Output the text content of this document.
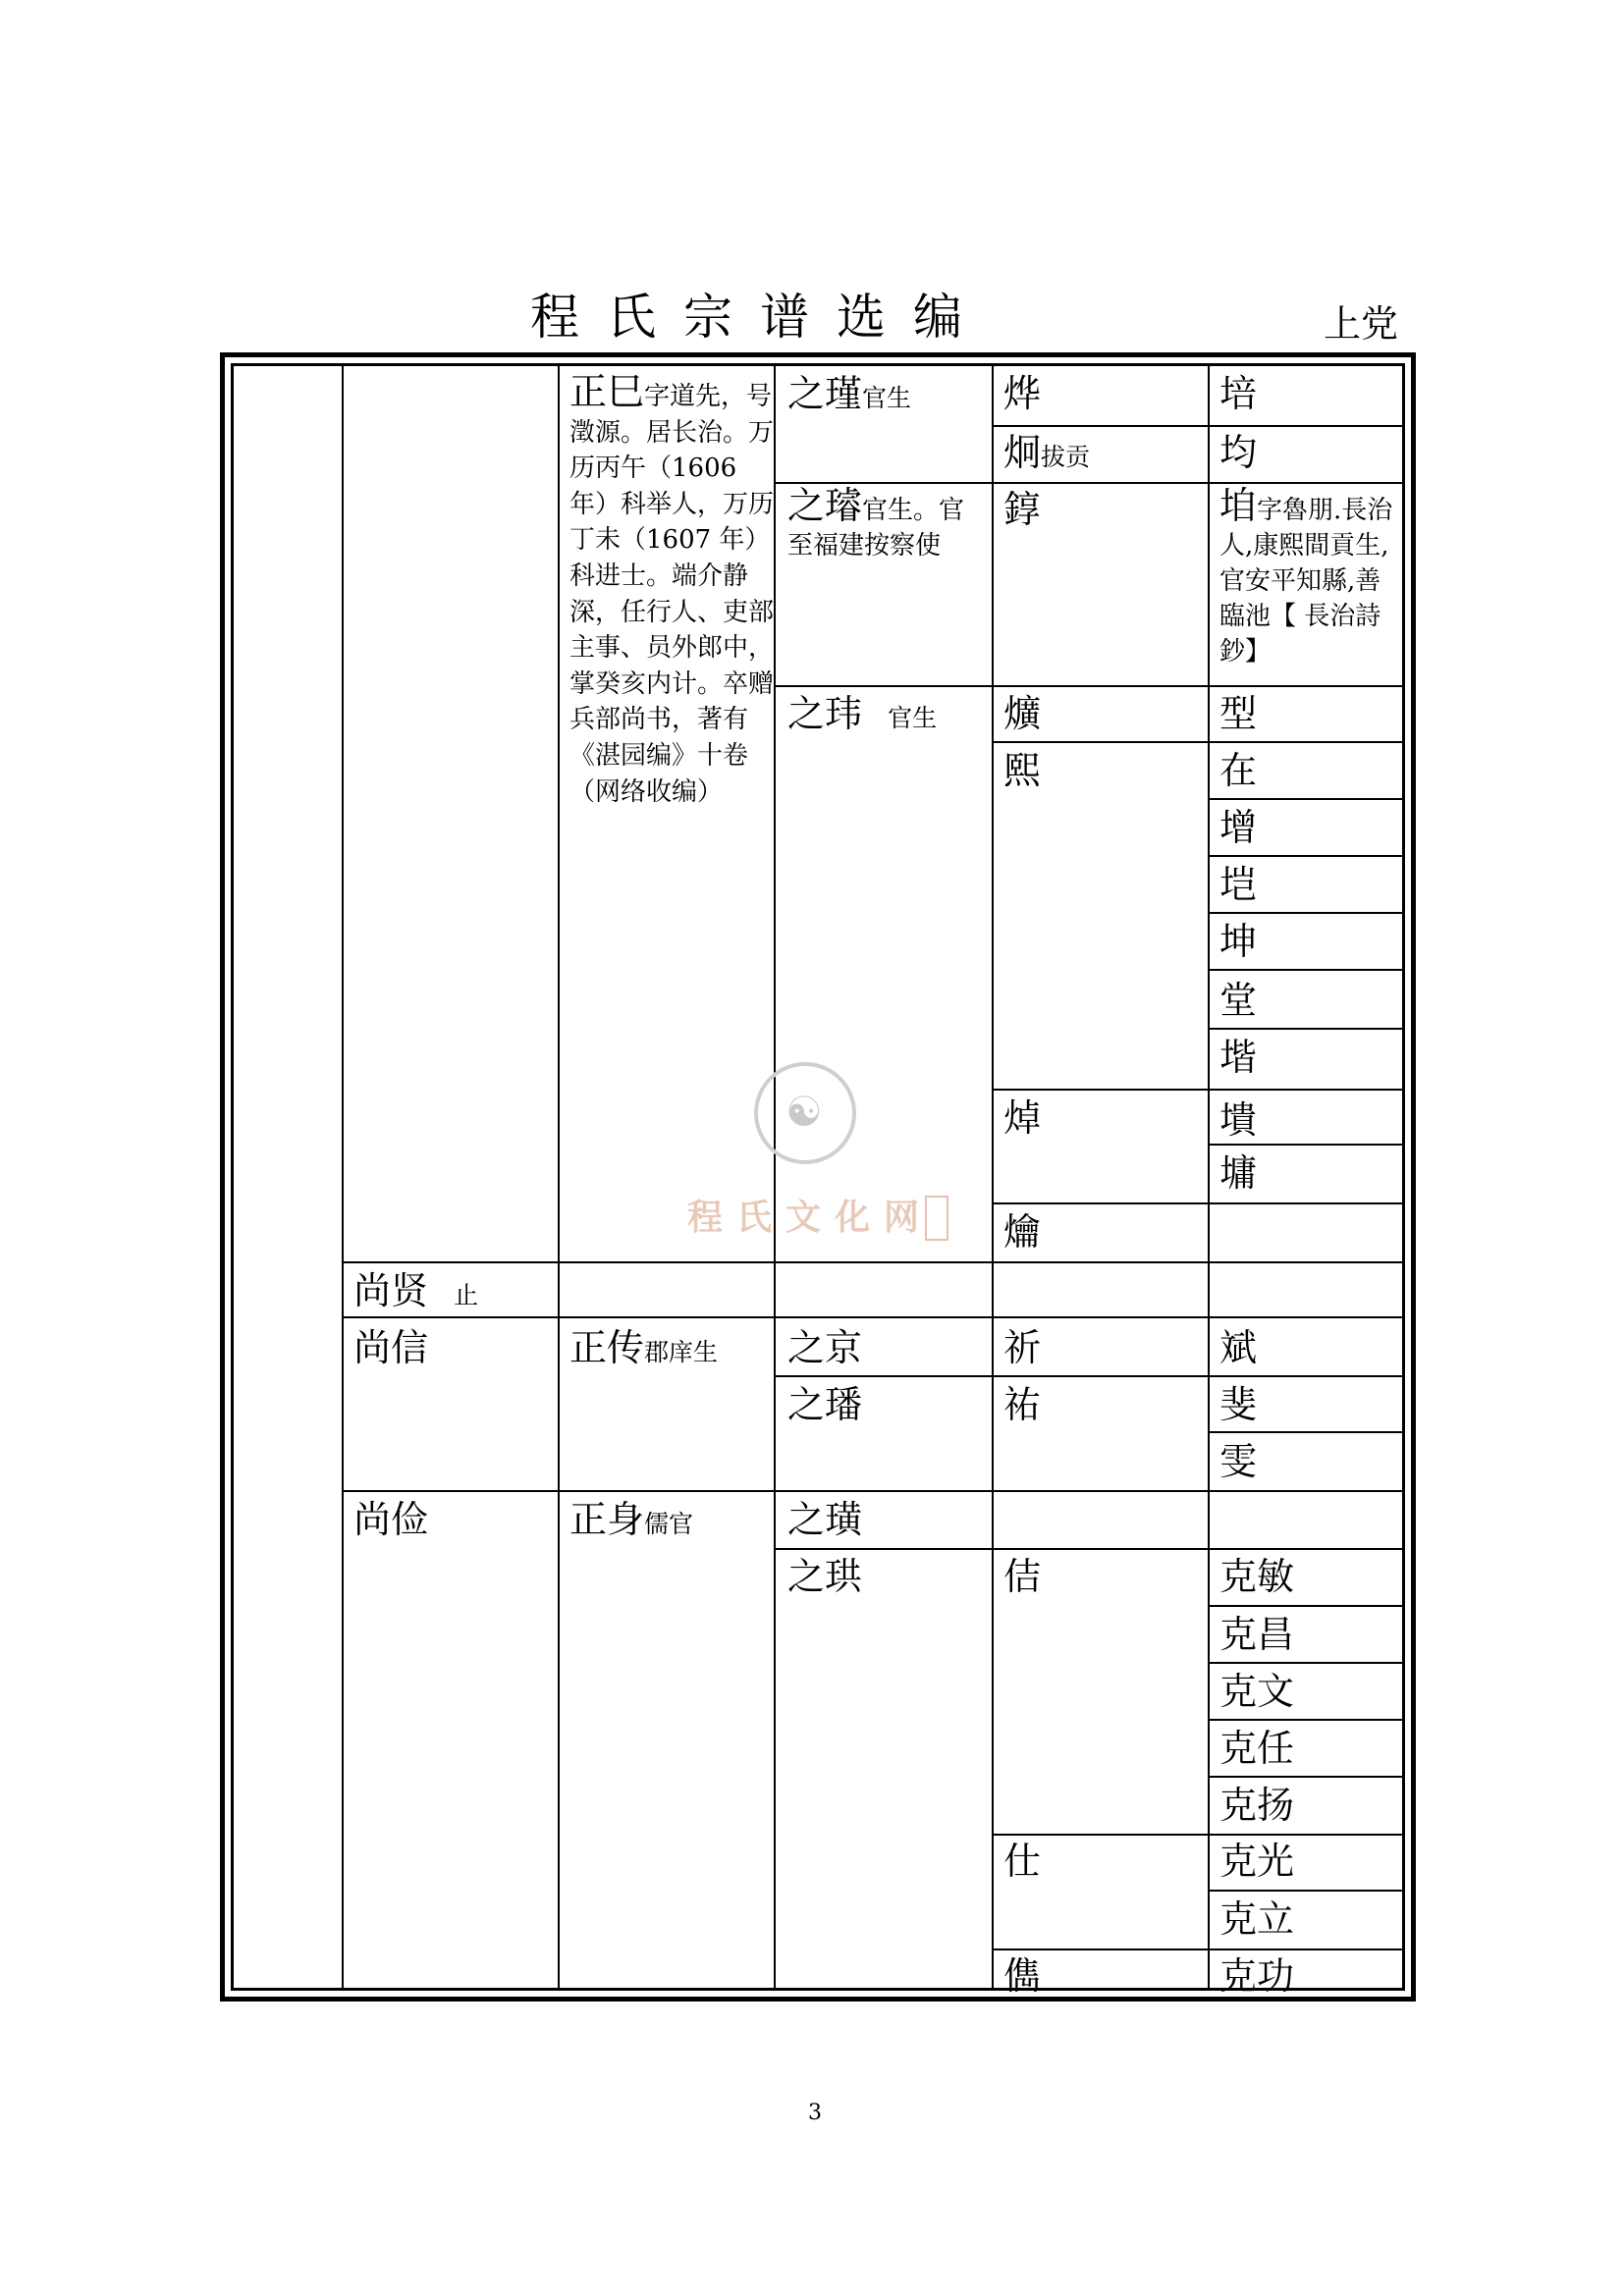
程氏宗谱选编	上党
尚贤 止
尚信
尚俭
正巳字道先，号澂源。居长治。万历丙午（1606 年）科举人，万历丁未（1607 年）科进士。端介静深，任行人、吏部主事、员外郎中，掌癸亥内计。卒赠兵部尚书，著有《湛园编》十卷（网络收编）
正传郡庠生
正身儒官
之瑾官生
之璿官生。官至福建按察使
之玮 官生
之京
之璠
之璜
之珙
烨
炯拔贡
錞
爌
熙
焯
爚
祈
祐
佶
仕
儁
培
均
垍字魯朋.長治人,康熙間貢生,官安平知縣,善臨池【 長治詩鈔】
型
在
增
垲
坤
堂
堦
墤
墉
斌
斐
雯
克敏
克昌
克文
克任
克扬
克光
克立
克功
☯
程氏文化网
3
